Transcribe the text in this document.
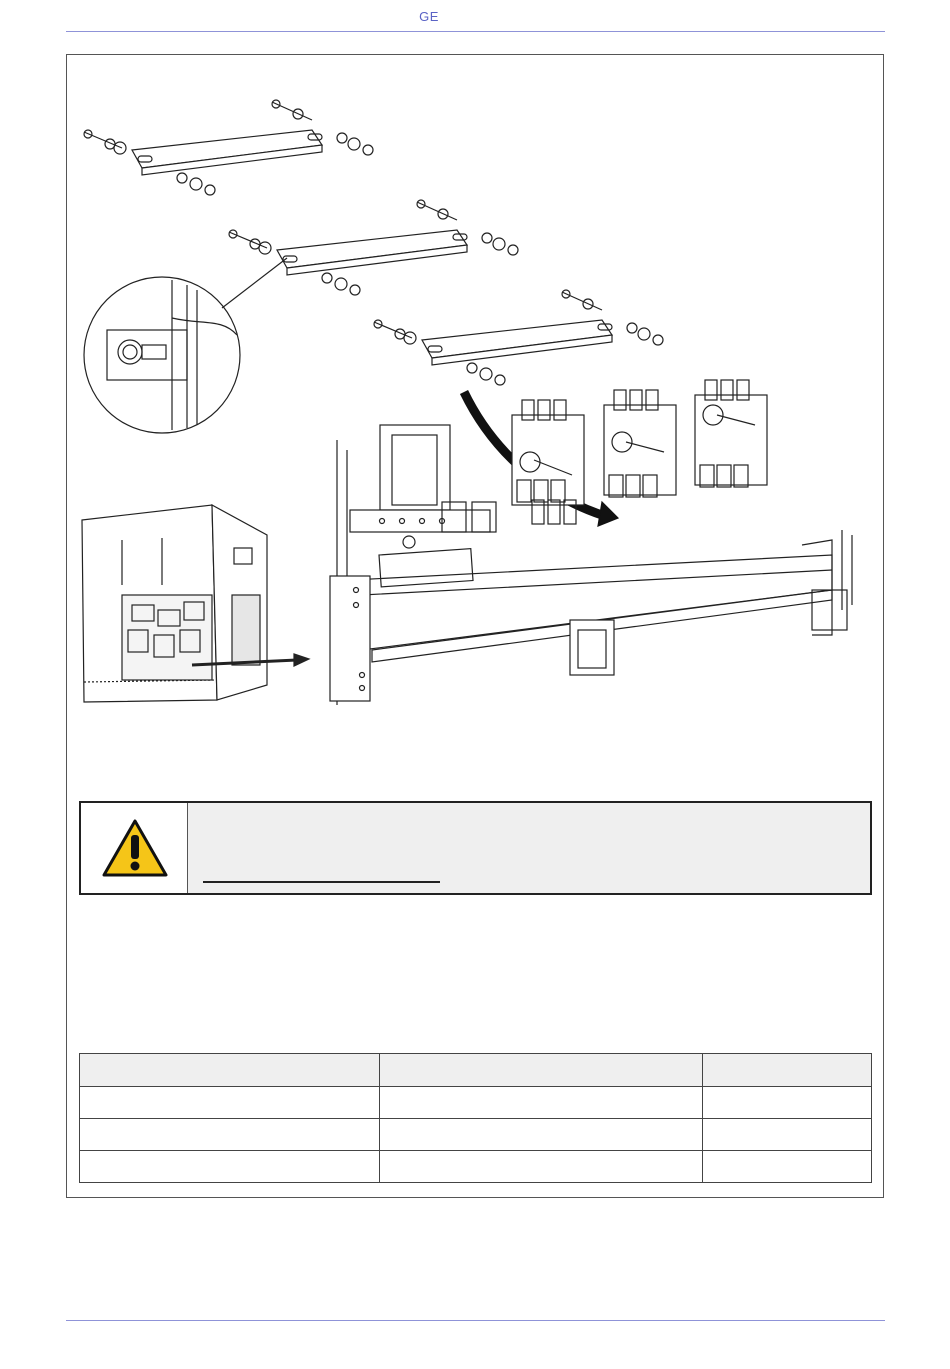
GE
